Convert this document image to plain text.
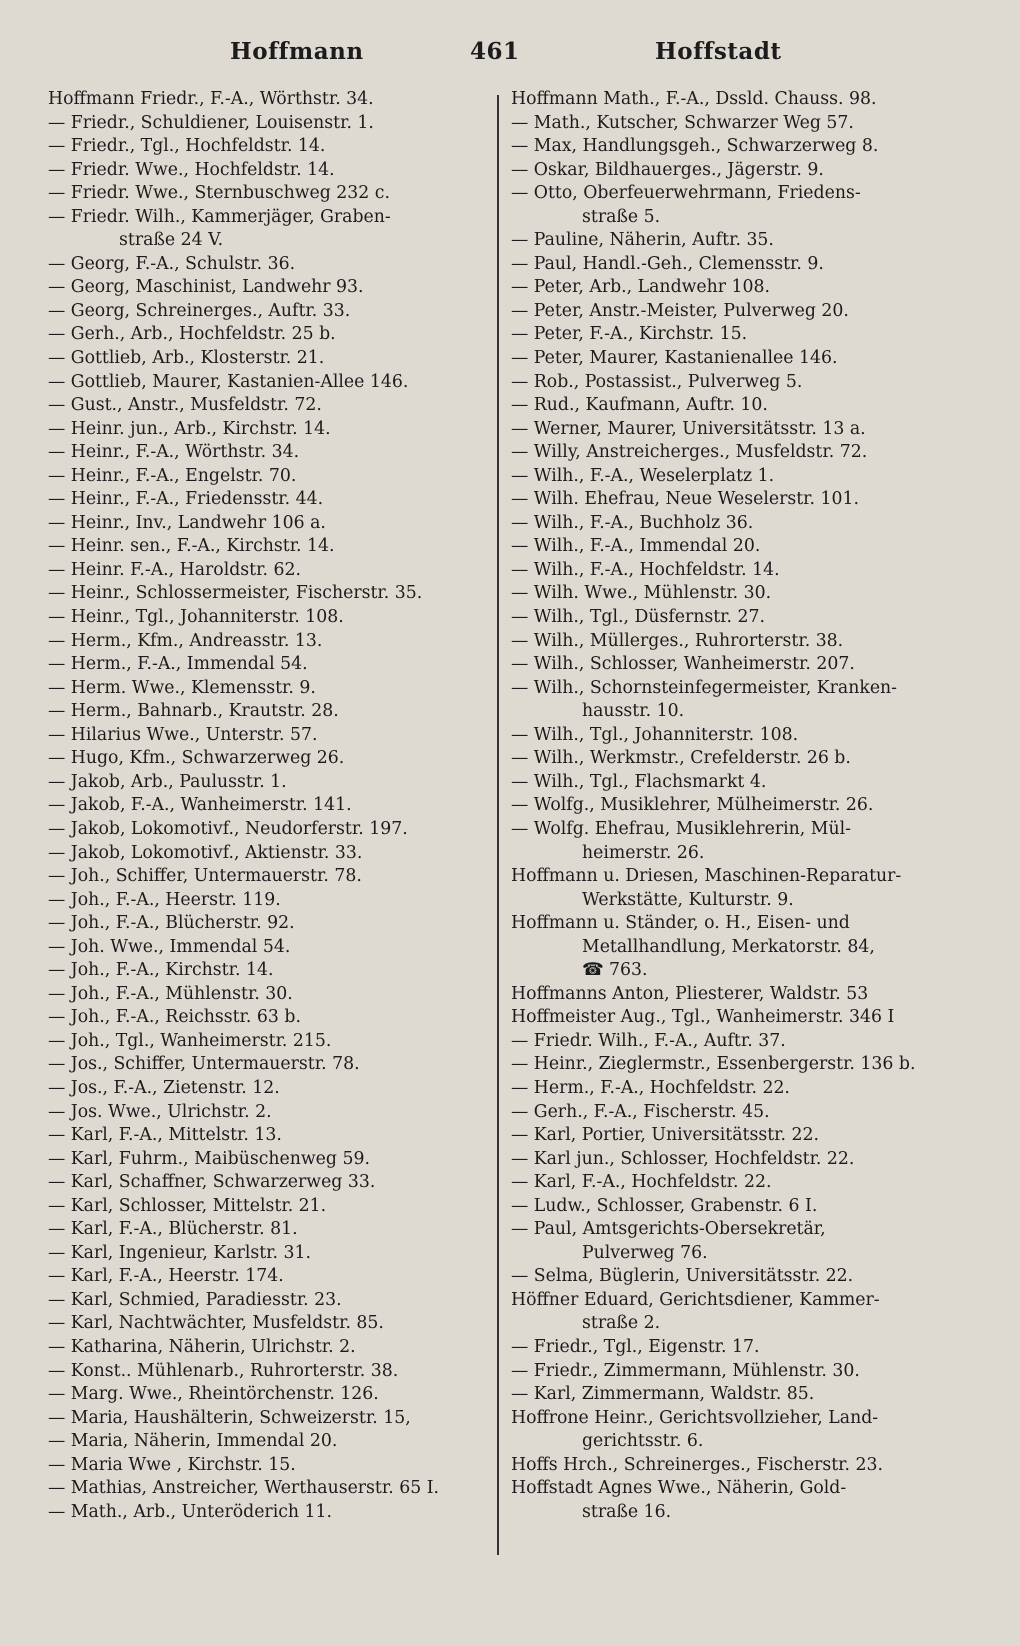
Hoffmann	461	Hoffstadt
Hoffmann Friedr., F.-A., Wörthstr. 34.
— Friedr., Schuldiener, Louisenstr. 1.
— Friedr., Tgl., Hochfeldstr. 14.
— Friedr. Wwe., Hochfeldstr. 14.
— Friedr. Wwe., Sternbuschweg 232 c.
— Friedr. Wilh., Kammerjäger, Graben-
straße 24 V.
— Georg, F.-A., Schulstr. 36.
— Georg, Maschinist, Landwehr 93.
— Georg, Schreinerges., Auftr. 33.
— Gerh., Arb., Hochfeldstr. 25 b.
— Gottlieb, Arb., Klosterstr. 21.
— Gottlieb, Maurer, Kastanien-Allee 146.
— Gust., Anstr., Musfeldstr. 72.
— Heinr. jun., Arb., Kirchstr. 14.
— Heinr., F.-A., Wörthstr. 34.
— Heinr., F.-A., Engelstr. 70.
— Heinr., F.-A., Friedensstr. 44.
— Heinr., Inv., Landwehr 106 a.
— Heinr. sen., F.-A., Kirchstr. 14.
— Heinr. F.-A., Haroldstr. 62.
— Heinr., Schlossermeister, Fischerstr. 35.
— Heinr., Tgl., Johanniterstr. 108.
— Herm., Kfm., Andreasstr. 13.
— Herm., F.-A., Immendal 54.
— Herm. Wwe., Klemensstr. 9.
— Herm., Bahnarb., Krautstr. 28.
— Hilarius Wwe., Unterstr. 57.
— Hugo, Kfm., Schwarzerweg 26.
— Jakob, Arb., Paulusstr. 1.
— Jakob, F.-A., Wanheimerstr. 141.
— Jakob, Lokomotivf., Neudorferstr. 197.
— Jakob, Lokomotivf., Aktienstr. 33.
— Joh., Schiffer, Untermauerstr. 78.
— Joh., F.-A., Heerstr. 119.
— Joh., F.-A., Blücherstr. 92.
— Joh. Wwe., Immendal 54.
— Joh., F.-A., Kirchstr. 14.
— Joh., F.-A., Mühlenstr. 30.
— Joh., F.-A., Reichsstr. 63 b.
— Joh., Tgl., Wanheimerstr. 215.
— Jos., Schiffer, Untermauerstr. 78.
— Jos., F.-A., Zietenstr. 12.
— Jos. Wwe., Ulrichstr. 2.
— Karl, F.-A., Mittelstr. 13.
— Karl, Fuhrm., Maibüschenweg 59.
— Karl, Schaffner, Schwarzerweg 33.
— Karl, Schlosser, Mittelstr. 21.
— Karl, F.-A., Blücherstr. 81.
— Karl, Ingenieur, Karlstr. 31.
— Karl, F.-A., Heerstr. 174.
— Karl, Schmied, Paradiesstr. 23.
— Karl, Nachtwächter, Musfeldstr. 85.
— Katharina, Näherin, Ulrichstr. 2.
— Konst.. Mühlenarb., Ruhrorterstr. 38.
— Marg. Wwe., Rheintörchenstr. 126.
— Maria, Haushälterin, Schweizerstr. 15,
— Maria, Näherin, Immendal 20.
— Maria Wwe , Kirchstr. 15.
— Mathias, Anstreicher, Werthauserstr. 65 I.
— Math., Arb., Unteröderich 11.
Hoffmann Math., F.-A., Dssld. Chauss. 98.
— Math., Kutscher, Schwarzer Weg 57.
— Max, Handlungsgeh., Schwarzerweg 8.
— Oskar, Bildhauerges., Jägerstr. 9.
— Otto, Oberfeuerwehrmann, Friedens-
straße 5.
— Pauline, Näherin, Auftr. 35.
— Paul, Handl.-Geh., Clemensstr. 9.
— Peter, Arb., Landwehr 108.
— Peter, Anstr.-Meister, Pulverweg 20.
— Peter, F.-A., Kirchstr. 15.
— Peter, Maurer, Kastanienallee 146.
— Rob., Postassist., Pulverweg 5.
— Rud., Kaufmann, Auftr. 10.
— Werner, Maurer, Universitätsstr. 13 a.
— Willy, Anstreicherges., Musfeldstr. 72.
— Wilh., F.-A., Weselerplatz 1.
— Wilh. Ehefrau, Neue Weselerstr. 101.
— Wilh., F.-A., Buchholz 36.
— Wilh., F.-A., Immendal 20.
— Wilh., F.-A., Hochfeldstr. 14.
— Wilh. Wwe., Mühlenstr. 30.
— Wilh., Tgl., Düsfernstr. 27.
— Wilh., Müllerges., Ruhrorterstr. 38.
— Wilh., Schlosser, Wanheimerstr. 207.
— Wilh., Schornsteinfegermeister, Kranken-
hausstr. 10.
— Wilh., Tgl., Johanniterstr. 108.
— Wilh., Werkmstr., Crefelderstr. 26 b.
— Wilh., Tgl., Flachsmarkt 4.
— Wolfg., Musiklehrer, Mülheimerstr. 26.
— Wolfg. Ehefrau, Musiklehrerin, Mül-
heimerstr. 26.
Hoffmann u. Driesen, Maschinen-Reparatur-
Werkstätte, Kulturstr. 9.
Hoffmann u. Ständer, o. H., Eisen- und
Metallhandlung, Merkatorstr. 84,
☎ 763.
Hoffmanns Anton, Pliesterer, Waldstr. 53
Hoffmeister Aug., Tgl., Wanheimerstr. 346 I
— Friedr. Wilh., F.-A., Auftr. 37.
— Heinr., Zieglermstr., Essenbergerstr. 136 b.
— Herm., F.-A., Hochfeldstr. 22.
— Gerh., F.-A., Fischerstr. 45.
— Karl, Portier, Universitätsstr. 22.
— Karl jun., Schlosser, Hochfeldstr. 22.
— Karl, F.-A., Hochfeldstr. 22.
— Ludw., Schlosser, Grabenstr. 6 I.
— Paul, Amtsgerichts-Obersekretär,
Pulverweg 76.
— Selma, Büglerin, Universitätsstr. 22.
Höffner Eduard, Gerichtsdiener, Kammer-
straße 2.
— Friedr., Tgl., Eigenstr. 17.
— Friedr., Zimmermann, Mühlenstr. 30.
— Karl, Zimmermann, Waldstr. 85.
Hoffrone Heinr., Gerichtsvollzieher, Land-
gerichtsstr. 6.
Hoffs Hrch., Schreinerges., Fischerstr. 23.
Hoffstadt Agnes Wwe., Näherin, Gold-
straße 16.
